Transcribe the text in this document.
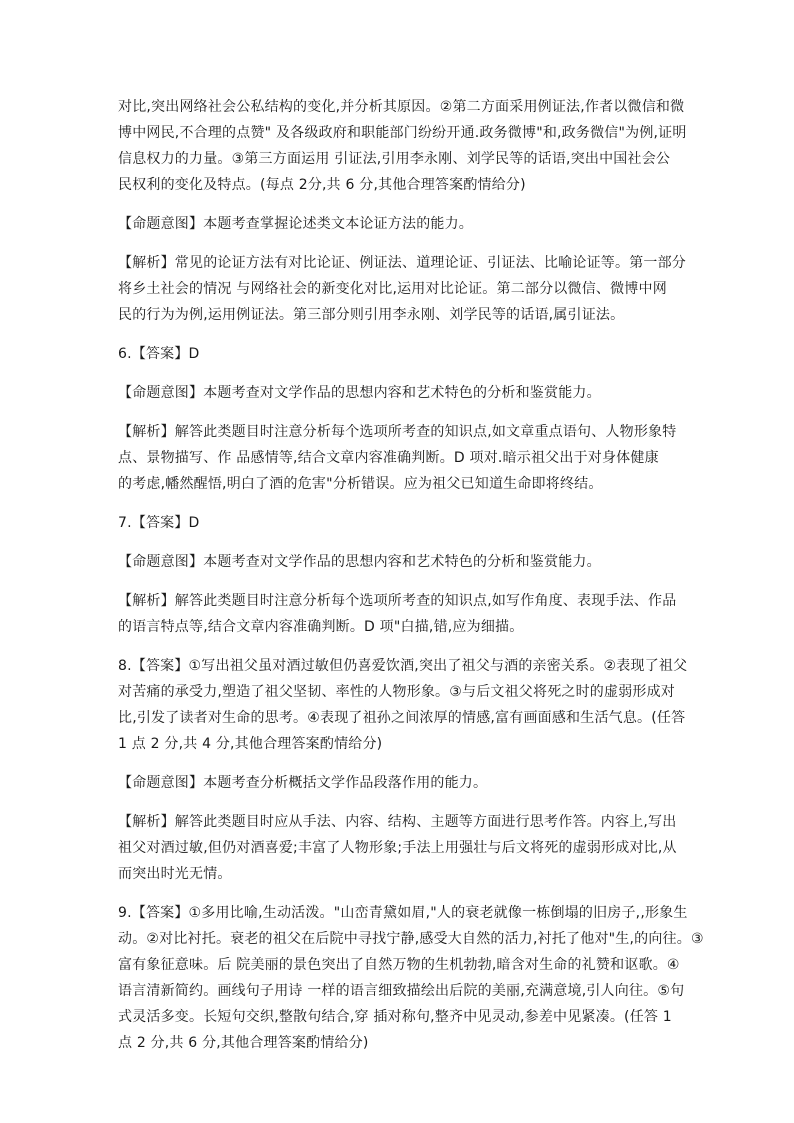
对比,突出网络社会公私结构的变化,并分析其原因。②第二方面采用例证法,作者以微信和微
博中网民,不合理的点赞" 及各级政府和职能部门纷纷开通.政务微博"和,政务微信"为例,证明
信息权力的力量。③第三方面运用 引证法,引用李永刚、刘学民等的话语,突出中国社会公
民权利的变化及特点。(每点 2分,共 6 分,其他合理答案酌情给分)

【命题意图】本题考查掌握论述类文本论证方法的能力。

【解析】常见的论证方法有对比论证、例证法、道理论证、引证法、比喻论证等。第一部分
将乡土社会的情况 与网络社会的新变化对比,运用对比论证。第二部分以微信、微博中网
民的行为为例,运用例证法。第三部分则引用李永刚、刘学民等的话语,属引证法。

6.【答案】D

【命题意图】本题考查对文学作品的思想内容和艺术特色的分析和鉴赏能力。

【解析】解答此类题目时注意分析每个选项所考查的知识点,如文章重点语句、人物形象特
点、景物描写、作 品感情等,结合文章内容准确判断。D 项对.暗示祖父出于对身体健康
的考虑,幡然醒悟,明白了酒的危害"分析错误。应为祖父已知道生命即将终结。

7.【答案】D

【命题意图】本题考查对文学作品的思想内容和艺术特色的分析和鉴赏能力。

【解析】解答此类题目时注意分析每个选项所考查的知识点,如写作角度、表现手法、作品
的语言特点等,结合文章内容准确判断。D 项"白描,错,应为细描。

8.【答案】①写出祖父虽对酒过敏但仍喜爱饮酒,突出了祖父与酒的亲密关系。②表现了祖父
对苦痛的承受力,塑造了祖父坚韧、率性的人物形象。③与后文祖父将死之时的虚弱形成对
比,引发了读者对生命的思考。④表现了祖孙之间浓厚的情感,富有画面感和生活气息。(任答
1 点 2 分,共 4 分,其他合理答案酌情给分)

【命题意图】本题考查分析概括文学作品段落作用的能力。

【解析】解答此类题目时应从手法、内容、结构、主题等方面进行思考作答。内容上,写出
祖父对酒过敏,但仍对酒喜爱;丰富了人物形象;手法上用强壮与后文将死的虚弱形成对比,从
而突出时光无情。

9.【答案】①多用比喻,生动活泼。"山峦青黛如眉,"人的衰老就像一栋倒塌的旧房子,,形象生
动。②对比衬托。衰老的祖父在后院中寻找宁静,感受大自然的活力,衬托了他对"生,的向往。③
富有象征意味。后 院美丽的景色突出了自然万物的生机勃勃,暗含对生命的礼赞和讴歌。④
语言清新简约。画线句子用诗 一样的语言细致描绘出后院的美丽,充满意境,引人向往。⑤句
式灵活多变。长短句交织,整散句结合,穿 插对称句,整齐中见灵动,参差中见紧凑。(任答 1
点 2 分,共 6 分,其他合理答案酌情给分)
